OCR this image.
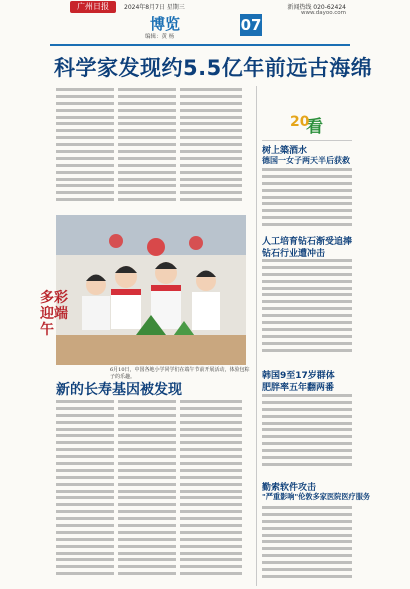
广州日报	2024年8月7日 星期三
博览
编辑：黄 杨
07
新闻热线 020-62424
www.dayoo.com
科学家发现约5.5亿年前远古海绵
多彩迎端午
6月10日，中国各地小学同学们在端午节前开展活动，体验包粽子的乐趣。
新的长寿基因被发现
看
20
树上築酒水
德国一女子两天半后获救
人工培育钻石渐受追捧
钻石行业遭冲击
韩国9至17岁群体
肥胖率五年翻两番
勤索软件攻击
"严重影响"伦敦多家医院医疗服务
